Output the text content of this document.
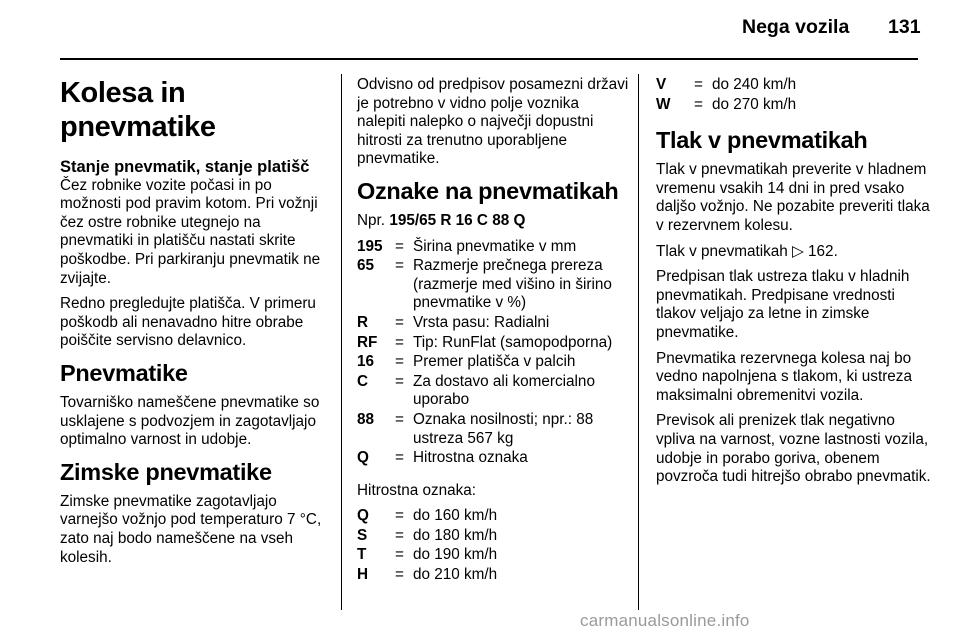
Nega vozila 131
Kolesa in pnevmatike
Stanje pnevmatik, stanje platišč

Čez robnike vozite počasi in po možnosti pod pravim kotom. Pri vožnji čez ostre robnike utegnejo na pnevmatiki in platišču nastati skrite poškodbe. Pri parkiranju pnevmatik ne zvijajte.

Redno pregledujte platišča. V primeru poškodb ali nenavadno hitre obrabe poiščite servisno delavnico.

Pnevmatike

Tovarniško nameščene pnevmatike so usklajene s podvozjem in zagotavljajo optimalno varnost in udobje.

Zimske pnevmatike

Zimske pnevmatike zagotavljajo varnejšo vožnjo pod temperaturo 7 °C, zato naj bodo nameščene na vseh kolesih.

Odvisno od predpisov posamezni državi je potrebno v vidno polje voznika nalepiti nalepko o največji dopustni hitrosti za trenutno uporabljene pnevmatike.

Oznake na pnevmatikah

Npr. 195/65 R 16 C 88 Q

195 = Širina pnevmatike v mm
65	= Razmerje prečnega prereza (razmerje med višino in širino pnevmatike v %)
R	= Vrsta pasu: Radialni
RF	= Tip: RunFlat (samopodporna)
16	= Premer platišča v palcih
C	= Za dostavo ali komercialno uporabo
88	= Oznaka nosilnosti; npr.: 88 ustreza 567 kg
Q	= Hitrostna oznaka

Hitrostna oznaka:

Q	= do 160 km/h
S	= do 180 km/h
T	= do 190 km/h
H	= do 210 km/h
V	= do 240 km/h
W	= do 270 km/h
Tlak v pnevmatikah

Tlak v pnevmatikah preverite v hladnem vremenu vsakih 14 dni in pred vsako daljšo vožnjo. Ne pozabite preveriti tlaka v rezervnem kolesu.

Tlak v pnevmatikah ▷ 162.

Predpisan tlak ustreza tlaku v hladnih pnevmatikah. Predpisane vrednosti tlakov veljajo za letne in zimske pnevmatike.

Pnevmatika rezervnega kolesa naj bo vedno napolnjena s tlakom, ki ustreza maksimalni obremenitvi vozila.

Previsok ali prenizek tlak negativno vpliva na varnost, vozne lastnosti vozila, udobje in porabo goriva, obenem povzroča tudi hitrejšo obrabo pnevmatik.

carmanualsonline.info
